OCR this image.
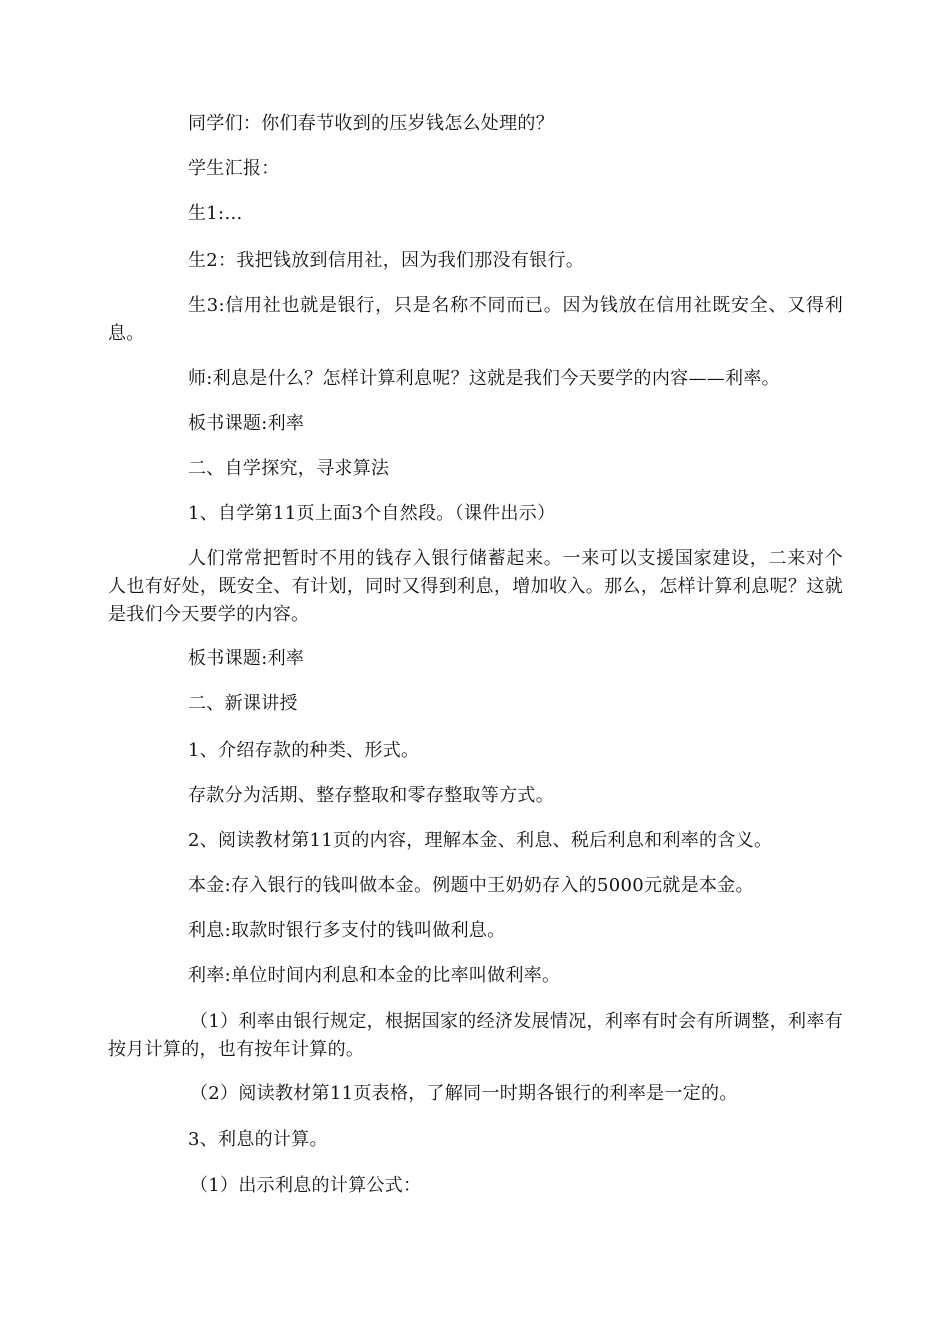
同学们：你们春节收到的压岁钱怎么处理的？

学生汇报：

生1:…

生2：我把钱放到信用社，因为我们那没有银行。

生3:信用社也就是银行，只是名称不同而已。因为钱放在信用社既安全、又得利息。

师:利息是什么？怎样计算利息呢？这就是我们今天要学的内容——利率。

板书课题:利率

二、自学探究，寻求算法

1、自学第11页上面3个自然段。（课件出示）

人们常常把暂时不用的钱存入银行储蓄起来。一来可以支援国家建设，二来对个人也有好处，既安全、有计划，同时又得到利息，增加收入。那么，怎样计算利息呢？这就是我们今天要学的内容。

板书课题:利率

二、新课讲授

1、介绍存款的种类、形式。

存款分为活期、整存整取和零存整取等方式。

2、阅读教材第11页的内容，理解本金、利息、税后利息和利率的含义。

本金:存入银行的钱叫做本金。例题中王奶奶存入的5000元就是本金。

利息:取款时银行多支付的钱叫做利息。

利率:单位时间内利息和本金的比率叫做利率。

（1）利率由银行规定，根据国家的经济发展情况，利率有时会有所调整，利率有按月计算的，也有按年计算的。

（2）阅读教材第11页表格，了解同一时期各银行的利率是一定的。

3、利息的计算。

（1）出示利息的计算公式：
